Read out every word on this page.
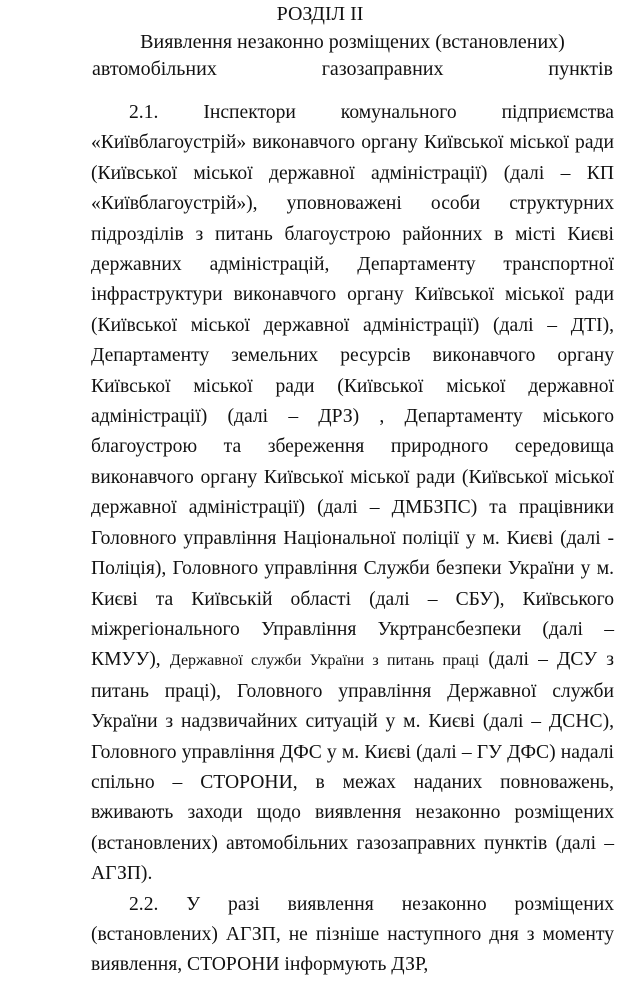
РОЗДІЛ ІІ
Виявлення незаконно розміщених (встановлених)
автомобільних газозаправних пунктів

2.1. Інспектори комунального підприємства «Київблагоустрій» виконавчого органу Київської міської ради (Київської міської державної адміністрації) (далі – КП «Київблагоустрій»), уповноважені особи структурних підрозділів з питань благоустрою районних в місті Києві державних адміністрацій, Департаменту транспортної інфраструктури виконавчого органу Київської міської ради (Київської міської державної адміністрації) (далі – ДТІ), Департаменту земельних ресурсів виконавчого органу Київської міської ради (Київської міської державної адміністрації) (далі – ДРЗ) , Департаменту міського благоустрою та збереження природного середовища виконавчого органу Київської міської ради (Київської міської державної адміністрації) (далі – ДМБЗПС) та працівники Головного управління Національної поліції у м. Києві (далі - Поліція), Головного управління Служби безпеки України у м. Києві та Київській області (далі – СБУ), Київського міжрегіонального Управління Укртрансбезпеки (далі – КМУУ), Державної служби України з питань праці (далі – ДСУ з питань праці), Головного управління Державної служби України з надзвичайних ситуацій у м. Києві (далі – ДСНС), Головного управління ДФС у м. Києві (далі – ГУ ДФС) надалі спільно – СТОРОНИ, в межах наданих повноважень, вживають заходи щодо виявлення незаконно розміщених (встановлених) автомобільних газозаправних пунктів (далі – АГЗП).

2.2. У разі виявлення незаконно розміщених (встановлених) АГЗП, не пізніше наступного дня з моменту виявлення, СТОРОНИ інформують ДЗР,
